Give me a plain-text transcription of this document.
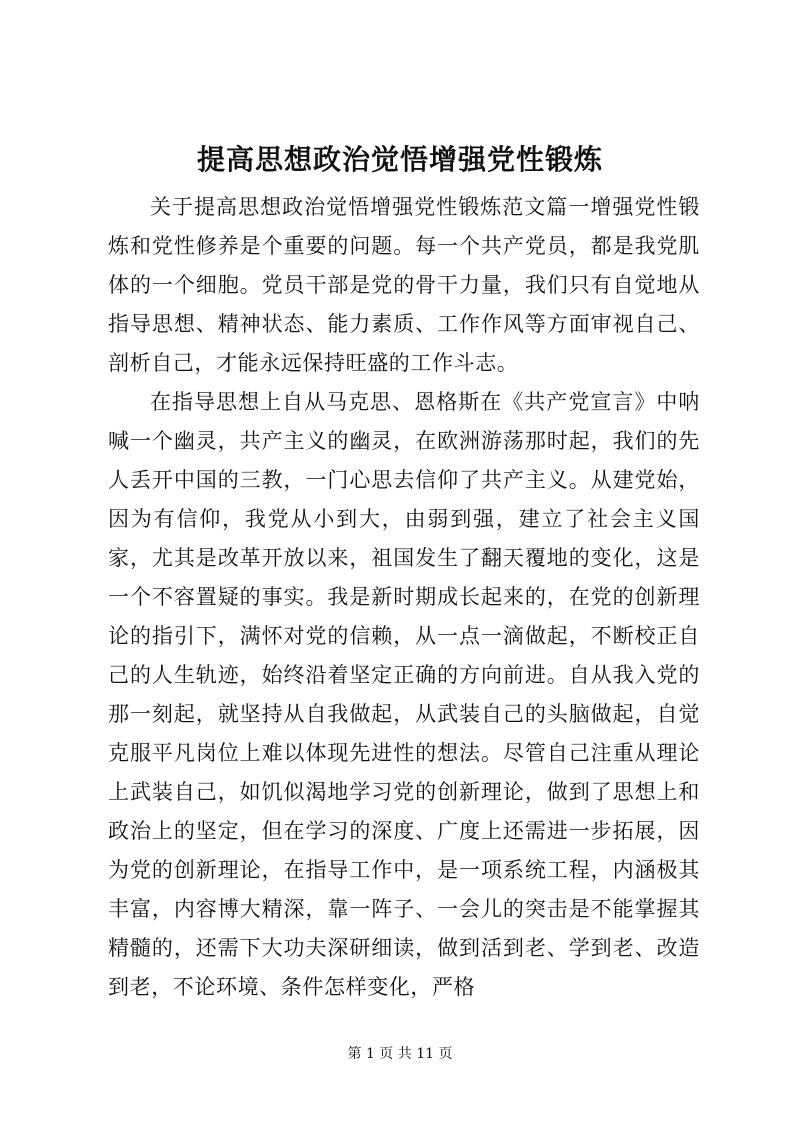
提高思想政治觉悟增强党性锻炼

关于提高思想政治觉悟增强党性锻炼范文篇一增强党性锻炼和党性修养是个重要的问题。每一个共产党员，都是我党肌体的一个细胞。党员干部是党的骨干力量，我们只有自觉地从指导思想、精神状态、能力素质、工作作风等方面审视自己、剖析自己，才能永远保持旺盛的工作斗志。

在指导思想上自从马克思、恩格斯在《共产党宣言》中呐喊一个幽灵，共产主义的幽灵，在欧洲游荡那时起，我们的先人丢开中国的三教，一门心思去信仰了共产主义。从建党始，因为有信仰，我党从小到大，由弱到强，建立了社会主义国家，尤其是改革开放以来，祖国发生了翻天覆地的变化，这是一个不容置疑的事实。我是新时期成长起来的，在党的创新理论的指引下，满怀对党的信赖，从一点一滴做起，不断校正自己的人生轨迹，始终沿着坚定正确的方向前进。自从我入党的那一刻起，就坚持从自我做起，从武装自己的头脑做起，自觉克服平凡岗位上难以体现先进性的想法。尽管自己注重从理论上武装自己，如饥似渴地学习党的创新理论，做到了思想上和政治上的坚定，但在学习的深度、广度上还需进一步拓展，因为党的创新理论，在指导工作中，是一项系统工程，内涵极其丰富，内容博大精深，靠一阵子、一会儿的突击是不能掌握其精髓的，还需下大功夫深研细读，做到活到老、学到老、改造到老，不论环境、条件怎样变化，严格

第 1 页 共 11 页
